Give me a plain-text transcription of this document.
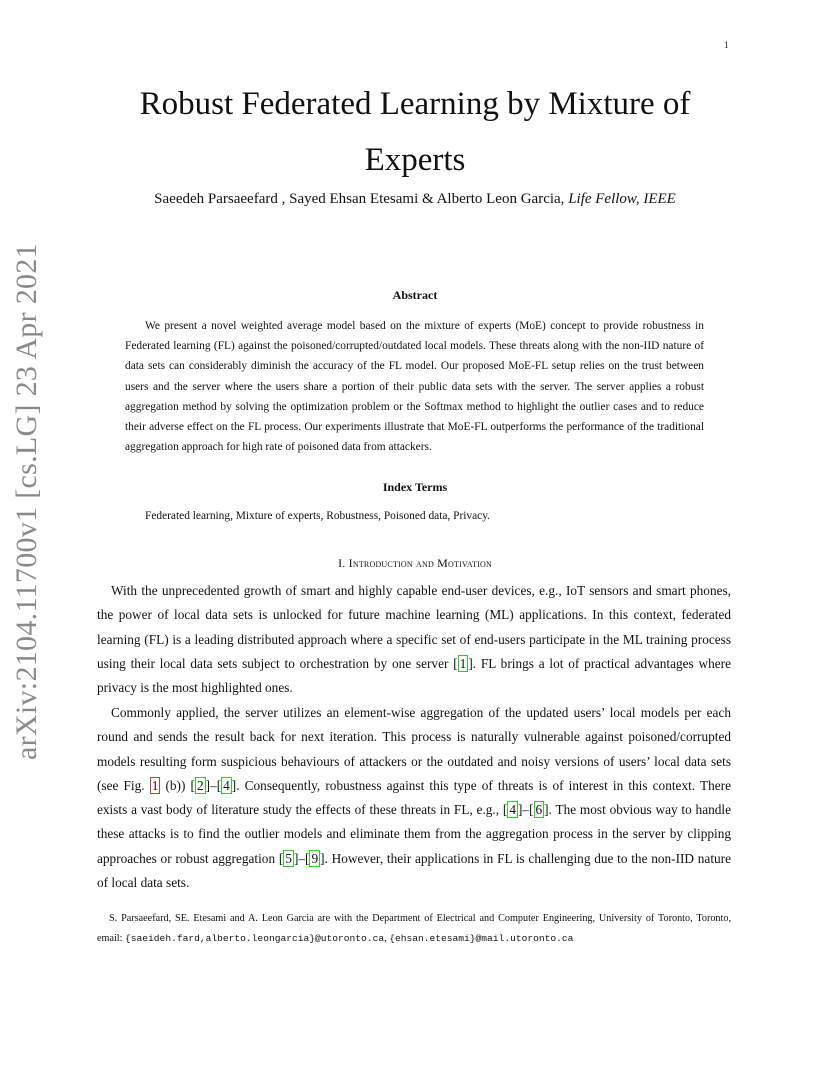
1
arXiv:2104.11700v1 [cs.LG] 23 Apr 2021
Robust Federated Learning by Mixture of Experts
Saeedeh Parsaeefard , Sayed Ehsan Etesami & Alberto Leon Garcia, Life Fellow, IEEE
Abstract

We present a novel weighted average model based on the mixture of experts (MoE) concept to provide robustness in Federated learning (FL) against the poisoned/corrupted/outdated local models. These threats along with the non-IID nature of data sets can considerably diminish the accuracy of the FL model. Our proposed MoE-FL setup relies on the trust between users and the server where the users share a portion of their public data sets with the server. The server applies a robust aggregation method by solving the optimization problem or the Softmax method to highlight the outlier cases and to reduce their adverse effect on the FL process. Our experiments illustrate that MoE-FL outperforms the performance of the traditional aggregation approach for high rate of poisoned data from attackers.

Index Terms
Federated learning, Mixture of experts, Robustness, Poisoned data, Privacy.
I. Introduction and Motivation

With the unprecedented growth of smart and highly capable end-user devices, e.g., IoT sensors and smart phones, the power of local data sets is unlocked for future machine learning (ML) applications. In this context, federated learning (FL) is a leading distributed approach where a specific set of end-users participate in the ML training process using their local data sets subject to orchestration by one server [ 1 ]. FL brings a lot of practical advantages where privacy is the most highlighted ones.

Commonly applied, the server utilizes an element-wise aggregation of the updated users’ local models per each round and sends the result back for next iteration. This process is naturally vulnerable against poisoned/corrupted models resulting form suspicious behaviours of attackers or the outdated and noisy versions of users’ local data sets (see Fig. 1 (b)) [ 2 ]–[ 4 ]. Consequently, robustness against this type of threats is of interest in this context. There exists a vast body of literature study the effects of these threats in FL, e.g., [ 4 ]–[ 6 ]. The most obvious way to handle these attacks is to find the outlier models and eliminate them from the aggregation process in the server by clipping approaches or robust aggregation [ 5 ]–[ 9 ]. However, their applications in FL is challenging due to the non-IID nature of local data sets.

S. Parsaeefard, SE. Etesami and A. Leon Garcia are with the Department of Electrical and Computer Engineering, University of Toronto, Toronto, email: {saeideh.fard,alberto.leongarcia}@utoronto.ca, {ehsan.etesami}@mail.utoronto.ca
